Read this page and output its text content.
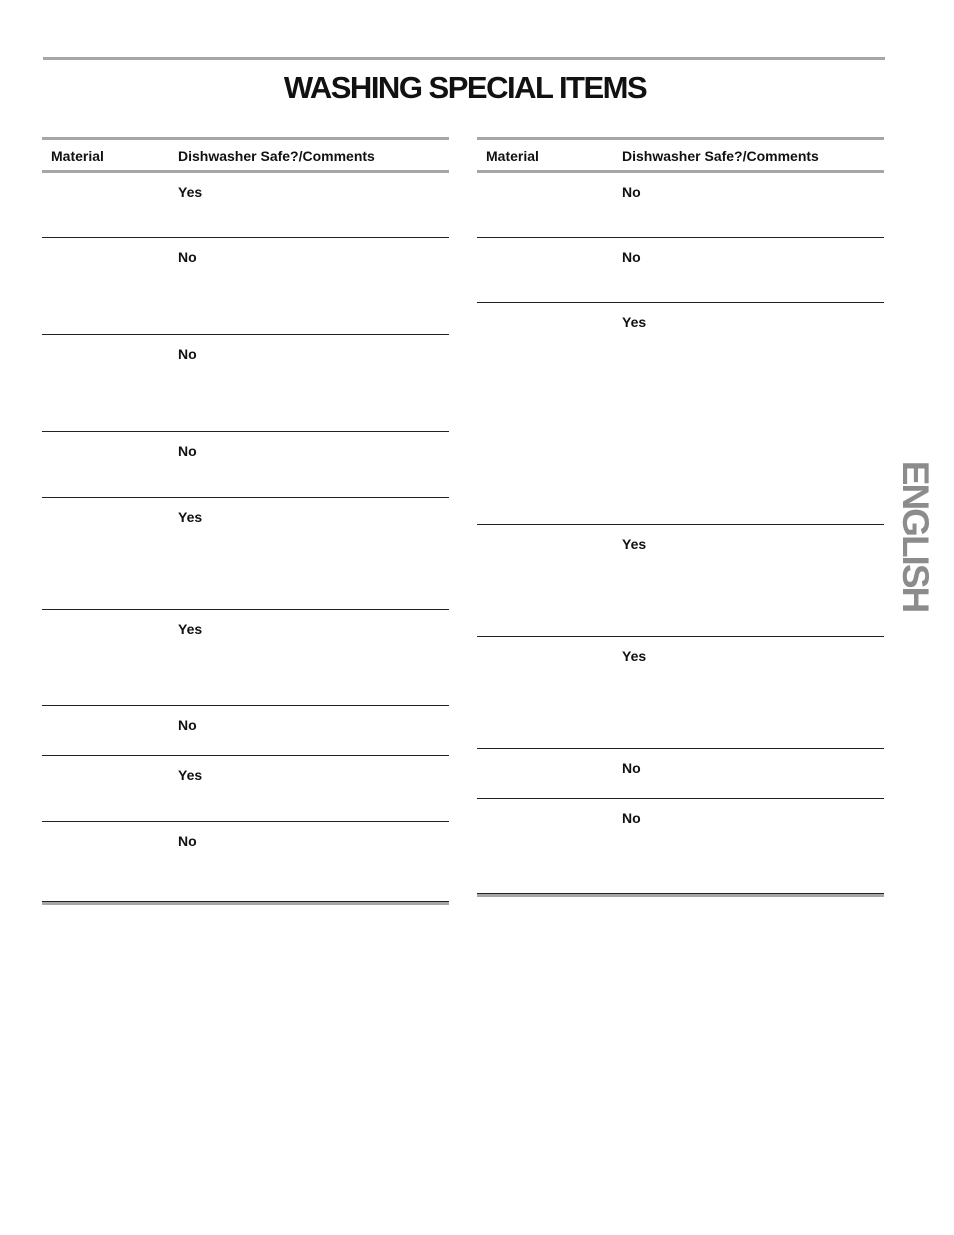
WASHING SPECIAL ITEMS
Material	Dishwasher Safe?/Comments
Yes
No
No
No
Yes
Yes
No
Yes
No
Material	Dishwasher Safe?/Comments
No
No
Yes
Yes
Yes
No
No
ENGLISH
